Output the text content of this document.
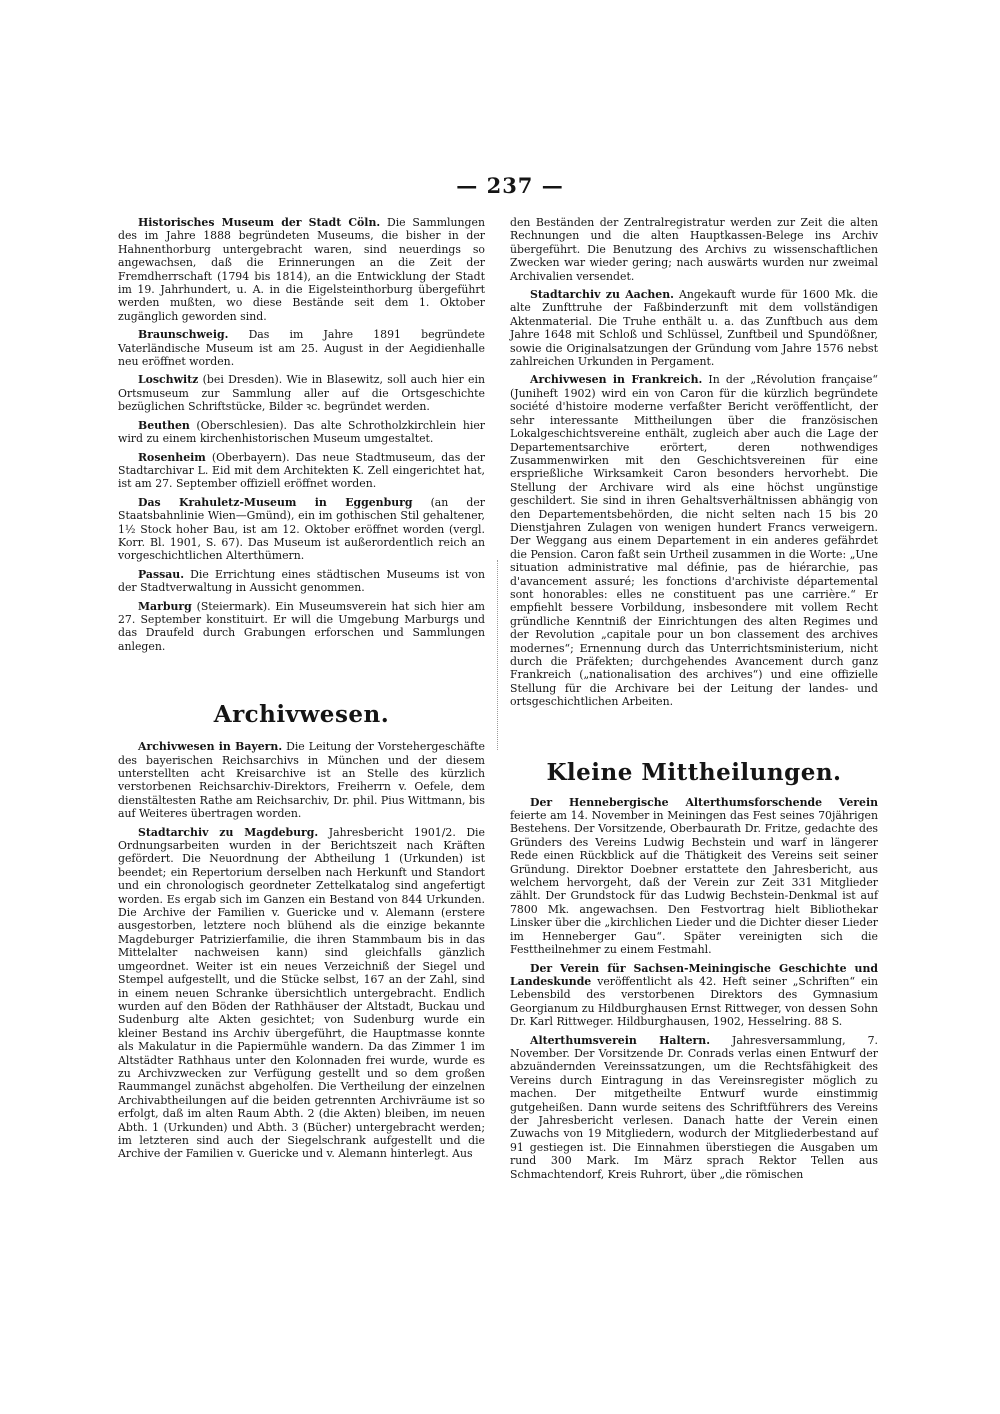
— 237 —

Historisches Museum der Stadt Cöln. Die Sammlungen des im Jahre 1888 begründeten Museums, die bisher in der Hahnenthorburg untergebracht waren, sind neuerdings so angewachsen, daß die Erinnerungen an die Zeit der Fremdherrschaft (1794 bis 1814), an die Entwicklung der Stadt im 19. Jahrhundert, u. A. in die Eigelsteinthorburg übergeführt werden mußten, wo diese Bestände seit dem 1. Oktober zugänglich geworden sind.

Braunschweig. Das im Jahre 1891 begründete Vaterländische Museum ist am 25. August in der Aegidienhalle neu eröffnet worden.

Loschwitz (bei Dresden). Wie in Blasewitz, soll auch hier ein Ortsmuseum zur Sammlung aller auf die Ortsgeschichte bezüglichen Schriftstücke, Bilder ꝛc. begründet werden.

Beuthen (Oberschlesien). Das alte Schrotholzkirchlein hier wird zu einem kirchenhistorischen Museum umgestaltet.

Rosenheim (Oberbayern). Das neue Stadtmuseum, das der Stadtarchivar L. Eid mit dem Architekten K. Zell eingerichtet hat, ist am 27. September offiziell eröffnet worden.

Das Krahuletz-Museum in Eggenburg (an der Staatsbahnlinie Wien—Gmünd), ein im gothischen Stil gehaltener, 1½ Stock hoher Bau, ist am 12. Oktober eröffnet worden (vergl. Korr. Bl. 1901, S. 67). Das Museum ist außerordentlich reich an vorgeschichtlichen Alterthümern.

Passau. Die Errichtung eines städtischen Museums ist von der Stadtverwaltung in Aussicht genommen.

Marburg (Steiermark). Ein Museumsverein hat sich hier am 27. September konstituirt. Er will die Umgebung Marburgs und das Draufeld durch Grabungen erforschen und Sammlungen anlegen.

Archivwesen.

Archivwesen in Bayern. Die Leitung der Vorstehergeschäfte des bayerischen Reichsarchivs in München und der diesem unterstellten acht Kreisarchive ist an Stelle des kürzlich verstorbenen Reichsarchiv-Direktors, Freiherrn v. Oefele, dem dienstältesten Rathe am Reichsarchiv, Dr. phil. Pius Wittmann, bis auf Weiteres übertragen worden.

Stadtarchiv zu Magdeburg. Jahresbericht 1901/2. Die Ordnungsarbeiten wurden in der Berichtszeit nach Kräften gefördert. Die Neuordnung der Abtheilung 1 (Urkunden) ist beendet; ein Repertorium derselben nach Herkunft und Standort und ein chronologisch geordneter Zettelkatalog sind angefertigt worden. Es ergab sich im Ganzen ein Bestand von 844 Urkunden. Die Archive der Familien v. Guericke und v. Alemann (erstere ausgestorben, letztere noch blühend als die einzige bekannte Magdeburger Patrizierfamilie, die ihren Stammbaum bis in das Mittelalter nachweisen kann) sind gleichfalls gänzlich umgeordnet. Weiter ist ein neues Verzeichniß der Siegel und Stempel aufgestellt, und die Stücke selbst, 167 an der Zahl, sind in einem neuen Schranke übersichtlich untergebracht. Endlich wurden auf den Böden der Rathhäuser der Altstadt, Buckau und Sudenburg alte Akten gesichtet; von Sudenburg wurde ein kleiner Bestand ins Archiv übergeführt, die Hauptmasse konnte als Makulatur in die Papiermühle wandern. Da das Zimmer 1 im Altstädter Rathhaus unter den Kolonnaden frei wurde, wurde es zu Archivzwecken zur Verfügung gestellt und so dem großen Raummangel zunächst abgeholfen. Die Vertheilung der einzelnen Archivabtheilungen auf die beiden getrennten Archivräume ist so erfolgt, daß im alten Raum Abth. 2 (die Akten) bleiben, im neuen Abth. 1 (Urkunden) und Abth. 3 (Bücher) untergebracht werden; im letzteren sind auch der Siegelschrank aufgestellt und die Archive der Familien v. Guericke und v. Alemann hinterlegt. Aus

den Beständen der Zentralregistratur werden zur Zeit die alten Rechnungen und die alten Hauptkassen-Belege ins Archiv übergeführt. Die Benutzung des Archivs zu wissenschaftlichen Zwecken war wieder gering; nach auswärts wurden nur zweimal Archivalien versendet.

Stadtarchiv zu Aachen. Angekauft wurde für 1600 Mk. die alte Zunfttruhe der Faßbinderzunft mit dem vollständigen Aktenmaterial. Die Truhe enthält u. a. das Zunftbuch aus dem Jahre 1648 mit Schloß und Schlüssel, Zunftbeil und Spundößner, sowie die Originalsatzungen der Gründung vom Jahre 1576 nebst zahlreichen Urkunden in Pergament.

Archivwesen in Frankreich. In der „Révolution française“ (Juniheft 1902) wird ein von Caron für die kürzlich begründete société d'histoire moderne verfaßter Bericht veröffentlicht, der sehr interessante Mittheilungen über die französischen Lokalgeschichtsvereine enthält, zugleich aber auch die Lage der Departementsarchive erörtert, deren nothwendiges Zusammenwirken mit den Geschichtsvereinen für eine ersprießliche Wirksamkeit Caron besonders hervorhebt. Die Stellung der Archivare wird als eine höchst ungünstige geschildert. Sie sind in ihren Gehaltsverhältnissen abhängig von den Departementsbehörden, die nicht selten nach 15 bis 20 Dienstjahren Zulagen von wenigen hundert Francs verweigern. Der Weggang aus einem Departement in ein anderes gefährdet die Pension. Caron faßt sein Urtheil zusammen in die Worte: „Une situation administrative mal définie, pas de hiérarchie, pas d'avancement assuré; les fonctions d'archiviste départemental sont honorables: elles ne constituent pas une carrière.“ Er empfiehlt bessere Vorbildung, insbesondere mit vollem Recht gründliche Kenntniß der Einrichtungen des alten Regimes und der Revolution „capitale pour un bon classement des archives modernes“; Ernennung durch das Unterrichtsministerium, nicht durch die Präfekten; durchgehendes Avancement durch ganz Frankreich („nationalisation des archives“) und eine offizielle Stellung für die Archivare bei der Leitung der landes- und ortsgeschichtlichen Arbeiten.

Kleine Mittheilungen.

Der Hennebergische Alterthumsforschende Verein feierte am 14. November in Meiningen das Fest seines 70jährigen Bestehens. Der Vorsitzende, Oberbaurath Dr. Fritze, gedachte des Gründers des Vereins Ludwig Bechstein und warf in längerer Rede einen Rückblick auf die Thätigkeit des Vereins seit seiner Gründung. Direktor Doebner erstattete den Jahresbericht, aus welchem hervorgeht, daß der Verein zur Zeit 331 Mitglieder zählt. Der Grundstock für das Ludwig Bechstein-Denkmal ist auf 7800 Mk. angewachsen. Den Festvortrag hielt Bibliothekar Linsker über die „kirchlichen Lieder und die Dichter dieser Lieder im Henneberger Gau“. Später vereinigten sich die Festtheilnehmer zu einem Festmahl.

Der Verein für Sachsen-Meiningische Geschichte und Landeskunde veröffentlicht als 42. Heft seiner „Schriften“ ein Lebensbild des verstorbenen Direktors des Gymnasium Georgianum zu Hildburghausen Ernst Rittweger, von dessen Sohn Dr. Karl Rittweger. Hildburghausen, 1902, Hesselring. 88 S.

Alterthumsverein Haltern. Jahresversammlung, 7. November. Der Vorsitzende Dr. Conrads verlas einen Entwurf der abzuändernden Vereinssatzungen, um die Rechtsfähigkeit des Vereins durch Eintragung in das Vereinsregister möglich zu machen. Der mitgetheilte Entwurf wurde einstimmig gutgeheißen. Dann wurde seitens des Schriftführers des Vereins der Jahresbericht verlesen. Danach hatte der Verein einen Zuwachs von 19 Mitgliedern, wodurch der Mitgliederbestand auf 91 gestiegen ist. Die Einnahmen überstiegen die Ausgaben um rund 300 Mark. Im März sprach Rektor Tellen aus Schmachtendorf, Kreis Ruhrort, über „die römischen
